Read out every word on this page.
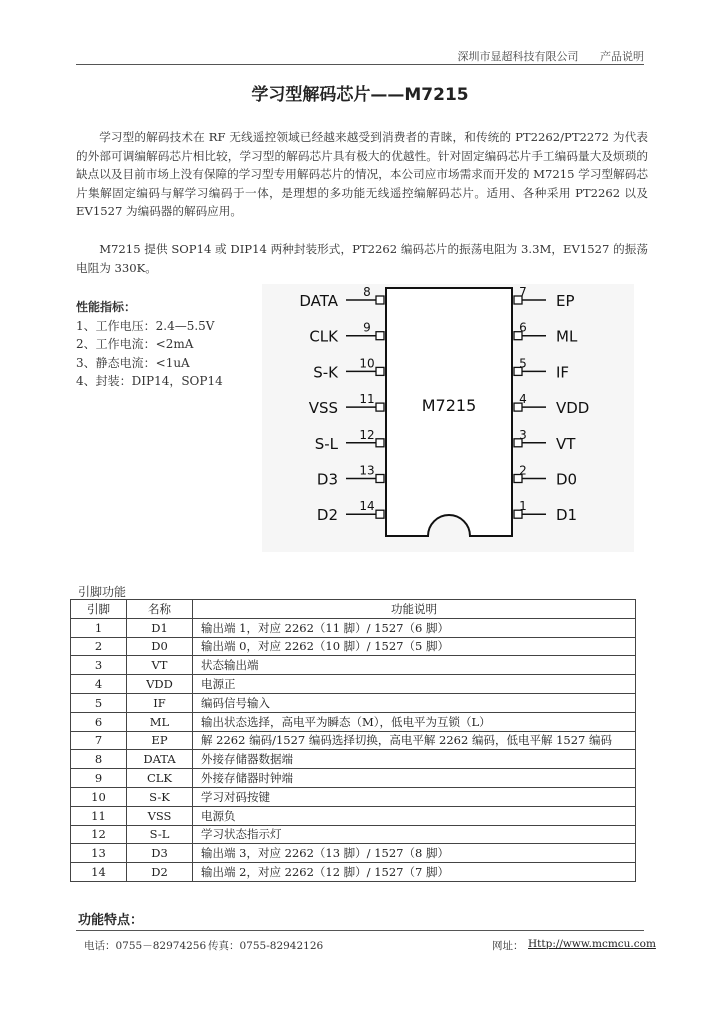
深圳市显超科技有限公司 产品说明
学习型解码芯片——M7215
学习型的解码技术在 RF 无线遥控领域已经越来越受到消费者的青睐，和传统的 PT2262/PT2272 为代表的外部可调编解码芯片相比较，学习型的解码芯片具有极大的优越性。针对固定编码芯片手工编码量大及烦琐的缺点以及目前市场上没有保障的学习型专用解码芯片的情况，本公司应市场需求而开发的 M7215 学习型解码芯片集解固定编码与解学习编码于一体，是理想的多功能无线遥控编解码芯片。适用、各种采用 PT2262 以及 EV1527 为编码器的解码应用。
M7215 提供 SOP14 或 DIP14 两种封装形式，PT2262 编码芯片的振荡电阻为 3.3M，EV1527 的振荡电阻为 330K。
性能指标：
1、工作电压：2.4—5.5V
2、工作电流：<2mA
3、静态电流：<1uA
4、封装：DIP14，SOP14
M7215
8
DATA
9
CLK
10
S-K
11
VSS
12
S-L
13
D3
14
D2
7 EP
6 ML
5 IF
4 VDD
3 VT
2 D0
1 D1
引脚功能
引脚	名称	功能说明
1	D1	输出端 1，对应 2262（11 脚）/ 1527（6 脚）
2	D0	输出端 0，对应 2262（10 脚）/ 1527（5 脚）
3	VT	状态输出端
4	VDD	电源正
5	IF	编码信号输入
6	ML	输出状态选择，高电平为瞬态（M），低电平为互锁（L）
7	EP	解 2262 编码/1527 编码选择切换，高电平解 2262 编码，低电平解 1527 编码
8	DATA	外接存储器数据端
9	CLK	外接存储器时钟端
10	S-K	学习对码按键
11	VSS	电源负
12	S-L	学习状态指示灯
13	D3	输出端 3，对应 2262（13 脚）/ 1527（8 脚）
14	D2	输出端 2，对应 2262（12 脚）/ 1527（7 脚）
功能特点：
电话：0755－82974256 传真：0755-82942126	网址： Http://www.mcmcu.com
